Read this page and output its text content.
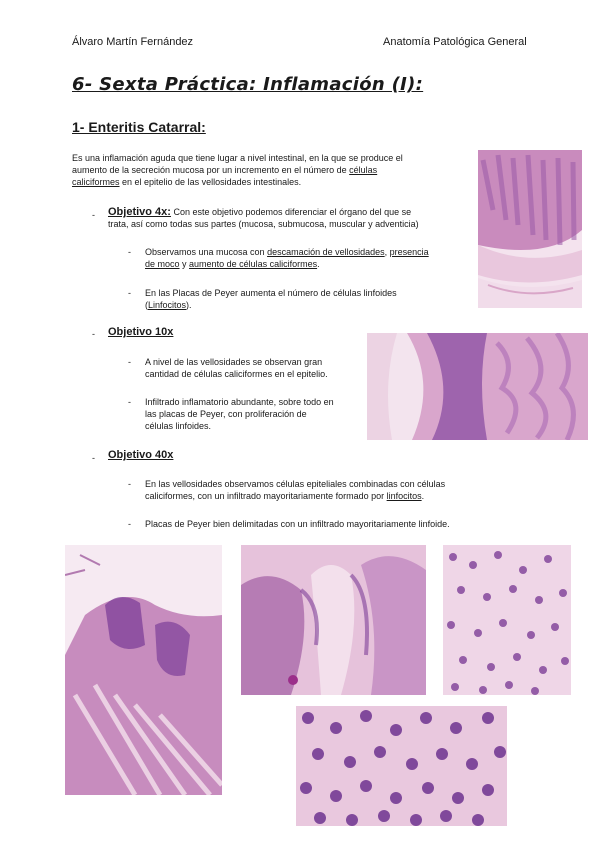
Álvaro Martín Fernández	Anatomía Patológica General
6- Sexta Práctica: Inflamación (I):
1- Enteritis Catarral:
Es una inflamación aguda que tiene lugar a nivel intestinal, en la que se produce el
aumento de la secreción mucosa por un incremento en el número de células
caliciformes en el epitelio de las vellosidades intestinales.
- Objetivo 4x: Con este objetivo podemos diferenciar el órgano del que se
trata, así como todas sus partes (mucosa, submucosa, muscular y adventicia)
- Observamos una mucosa con descamación de vellosidades, presencia
de moco y aumento de células caliciformes.
- En las Placas de Peyer aumenta el número de células linfoides
(Linfocitos).
- Objetivo 10x
- A nivel de las vellosidades se observan gran
cantidad de células caliciformes en el epitelio.
- Infiltrado inflamatorio abundante, sobre todo en
las placas de Peyer, con proliferación de
células linfoides.
- Objetivo 40x
- En las vellosidades observamos células epiteliales combinadas con células
caliciformes, con un infiltrado mayoritariamente formado por linfocitos.
- Placas de Peyer bien delimitadas con un infiltrado mayoritariamente linfoide.
